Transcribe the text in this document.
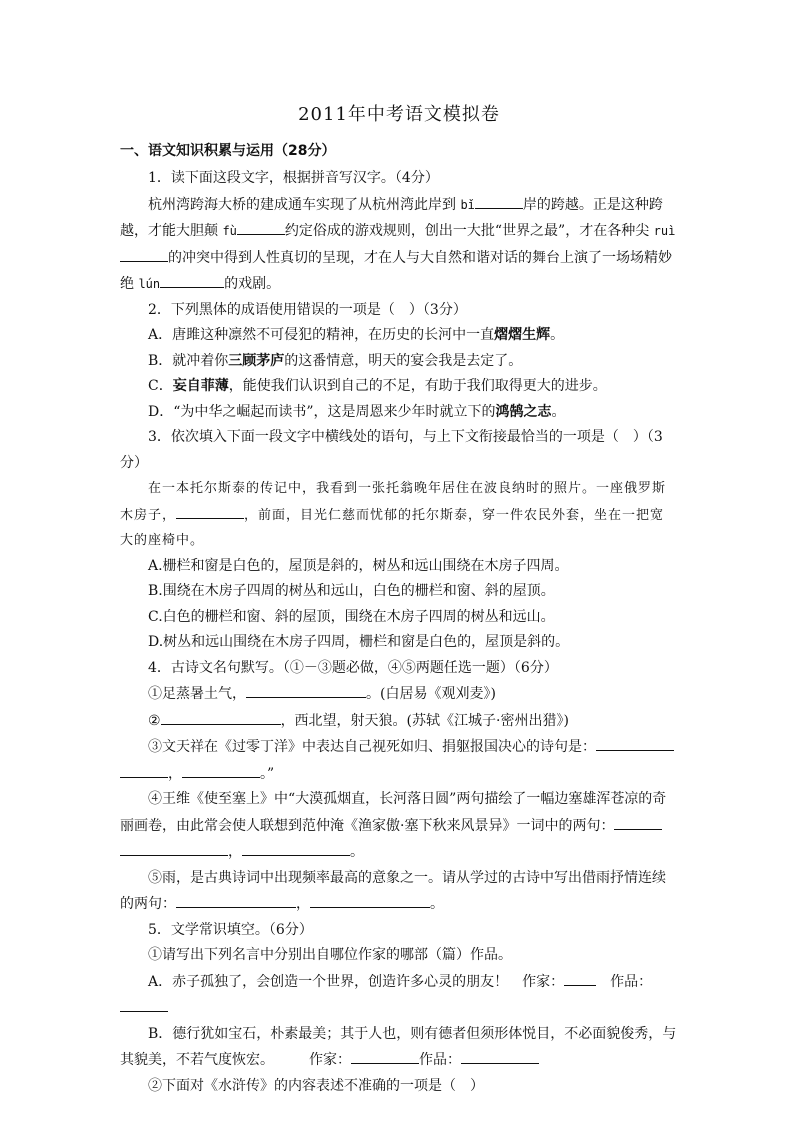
2011年中考语文模拟卷
一、语文知识积累与运用（28分）

1．读下面这段文字，根据拼音写汉字。（4分）

杭州湾跨海大桥的建成通车实现了从杭州湾此岸到 bǐ	岸的跨越。正是这种跨越，才能大胆颠 fù	约定俗成的游戏规则，创出一大批“世界之最”，才在各种尖 ruì的冲突中得到人性真切的呈现，才在人与大自然和谐对话的舞台上演了一场场精妙绝 lún	的戏剧。

2．下列黑体的成语使用错误的一项是（　）（3分）

A．唐雎这种凛然不可侵犯的精神，在历史的长河中一直熠熠生辉。

B．就冲着你三顾茅庐的这番情意，明天的宴会我是去定了。

C．妄自菲薄，能使我们认识到自己的不足，有助于我们取得更大的进步。

D．“为中华之崛起而读书”，这是周恩来少年时就立下的鸿鹄之志。

3．依次填入下面一段文字中横线处的语句，与上下文衔接最恰当的一项是（　）（3分）

在一本托尔斯泰的传记中，我看到一张托翁晚年居住在波良纳时的照片。一座俄罗斯木房子，	，前面，目光仁慈而忧郁的托尔斯泰，穿一件农民外套，坐在一把宽大的座椅中。

A.栅栏和窗是白色的，屋顶是斜的，树丛和远山围绕在木房子四周。

B.围绕在木房子四周的树丛和远山，白色的栅栏和窗、斜的屋顶。

C.白色的栅栏和窗、斜的屋顶，围绕在木房子四周的树丛和远山。

D.树丛和远山围绕在木房子四周，栅栏和窗是白色的，屋顶是斜的。

4．古诗文名句默写。（①－③题必做，④⑤两题任选一题）（6分）

①足蒸暑土气，	。(白居易《观刈麦》)

②	，西北望，射天狼。(苏轼《江城子·密州出猎》)

③文天祥在《过零丁洋》中表达自己视死如归、捐躯报国决心的诗句是：，	。”

④王维《使至塞上》中“大漠孤烟直，长河落日圆”两句描绘了一幅边塞雄浑苍凉的奇丽画卷，由此常会使人联想到范仲淹《渔家傲·塞下秋来风景异》一词中的两句：，	。

⑤雨，是古典诗词中出现频率最高的意象之一。请从学过的古诗中写出借雨抒情连续的两句：	，	。

5．文学常识填空。（6分）

①请写出下列名言中分别出自哪位作家的哪部（篇）作品。

A．赤子孤独了，会创造一个世界，创造许多心灵的朋友！　作家：　作品：

B．德行犹如宝石，朴素最美；其于人也，则有德者但须形体悦目，不必面貌俊秀，与其貌美，不若气度恢宏。　　　作家：	作品：

②下面对《水浒传》的内容表述不准确的一项是（　）
